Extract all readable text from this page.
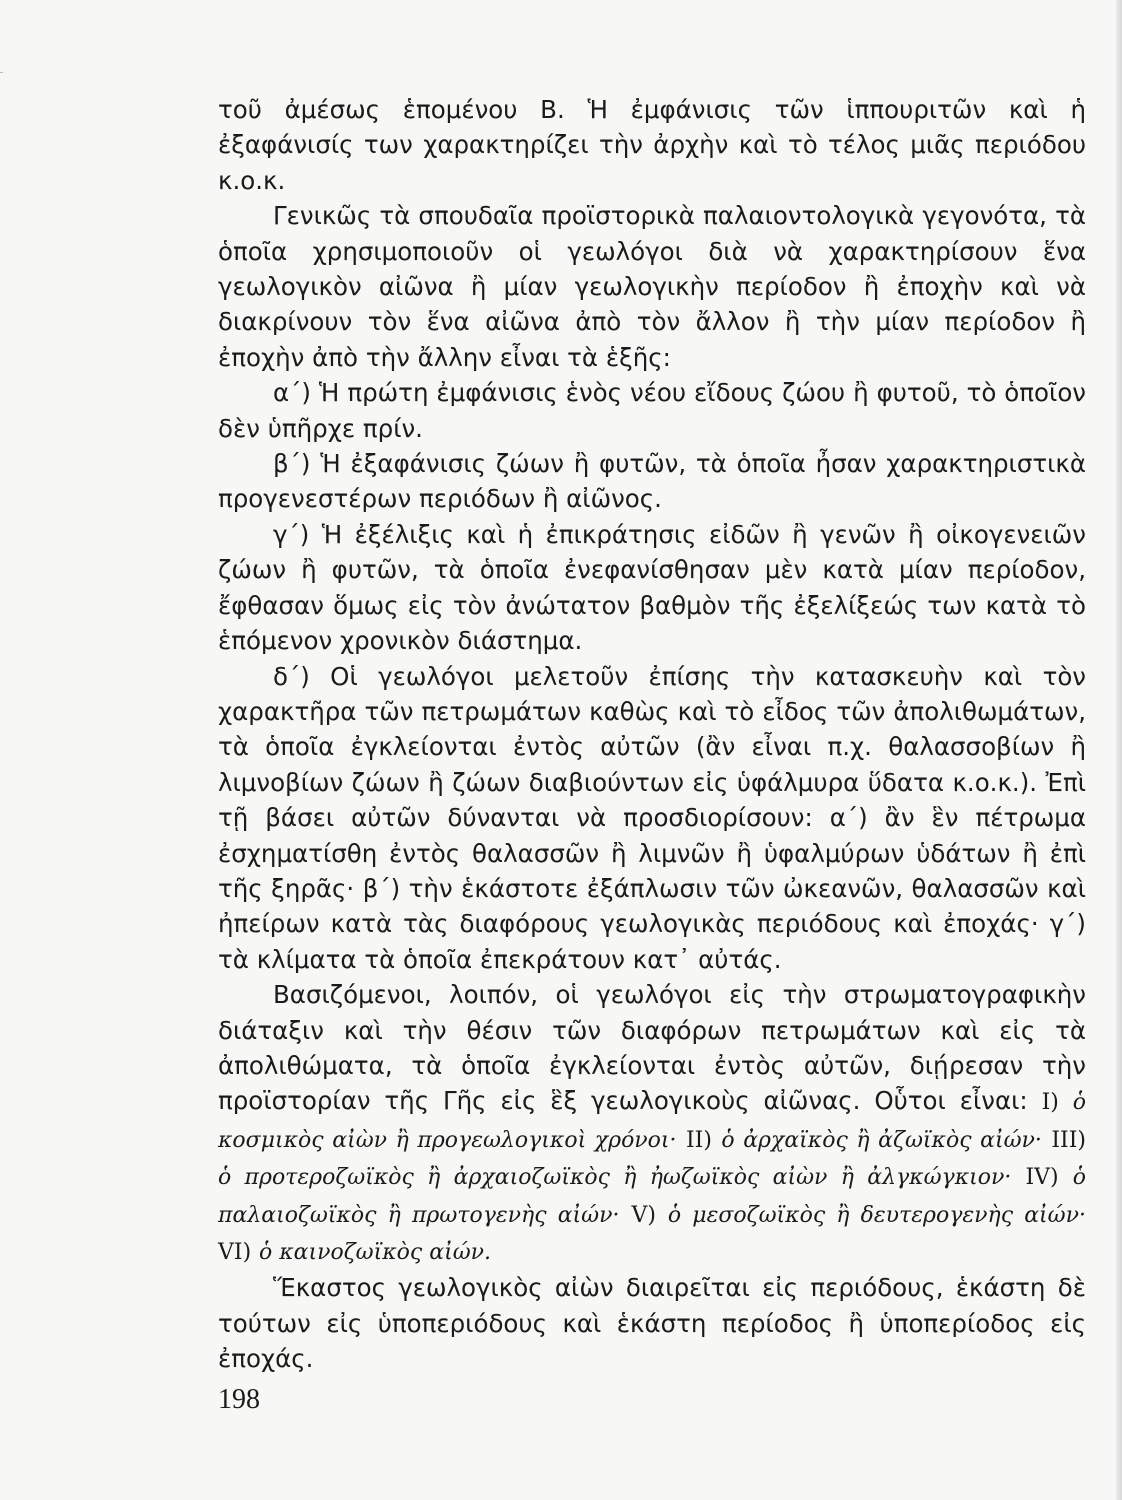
τοῦ ἀμέσως ἑπομένου Β. Ἡ ἐμφάνισις τῶν ἱππουριτῶν καὶ ἡ ἐξαφάνισίς των χαρακτηρίζει τὴν ἀρχὴν καὶ τὸ τέλος μιᾶς περιόδου κ.ο.κ.

Γενικῶς τὰ σπουδαῖα προϊστορικὰ παλαιοντολογικὰ γεγονότα, τὰ ὁποῖα χρησιμοποιοῦν οἱ γεωλόγοι διὰ νὰ χαρακτηρίσουν ἕνα γεωλογικὸν αἰῶνα ἢ μίαν γεωλογικὴν περίοδον ἢ ἐποχὴν καὶ νὰ διακρίνουν τὸν ἕνα αἰῶνα ἀπὸ τὸν ἄλλον ἢ τὴν μίαν περίοδον ἢ ἐποχὴν ἀπὸ τὴν ἄλλην εἶναι τὰ ἑξῆς:

α΄) Ἡ πρώτη ἐμφάνισις ἑνὸς νέου εἴδους ζώου ἢ φυτοῦ, τὸ ὁποῖον δὲν ὑπῆρχε πρίν.

β΄) Ἡ ἐξαφάνισις ζώων ἢ φυτῶν, τὰ ὁποῖα ἦσαν χαρακτηριστικὰ προγενεστέρων περιόδων ἢ αἰῶνος.

γ΄) Ἡ ἐξέλιξις καὶ ἡ ἐπικράτησις εἰδῶν ἢ γενῶν ἢ οἰκογενειῶν ζώων ἢ φυτῶν, τὰ ὁποῖα ἐνεφανίσθησαν μὲν κατὰ μίαν περίοδον, ἔφθασαν ὅμως εἰς τὸν ἀνώτατον βαθμὸν τῆς ἐξελίξεώς των κατὰ τὸ ἑπόμενον χρονικὸν διάστημα.

δ΄) Οἱ γεωλόγοι μελετοῦν ἐπίσης τὴν κατασκευὴν καὶ τὸν χαρακτῆρα τῶν πετρωμάτων καθὼς καὶ τὸ εἶδος τῶν ἀπολιθωμάτων, τὰ ὁποῖα ἐγκλείονται ἐντὸς αὐτῶν (ἂν εἶναι π.χ. θαλασσοβίων ἢ λιμνοβίων ζώων ἢ ζώων διαβιούντων εἰς ὑφάλμυρα ὕδατα κ.ο.κ.). Ἐπὶ τῇ βάσει αὐτῶν δύνανται νὰ προσδιορίσουν: α΄) ἂν ἓν πέτρωμα ἐσχηματίσθη ἐντὸς θαλασσῶν ἢ λιμνῶν ἢ ὑφαλμύρων ὑδάτων ἢ ἐπὶ τῆς ξηρᾶς· β΄) τὴν ἑκάστοτε ἐξάπλωσιν τῶν ὠκεανῶν, θαλασσῶν καὶ ἠπείρων κατὰ τὰς διαφόρους γεωλογικὰς περιόδους καὶ ἐποχάς· γ΄) τὰ κλίματα τὰ ὁποῖα ἐπεκράτουν κατ᾽ αὐτάς.

Βασιζόμενοι, λοιπόν, οἱ γεωλόγοι εἰς τὴν στρωματογραφικὴν διάταξιν καὶ τὴν θέσιν τῶν διαφόρων πετρωμάτων καὶ εἰς τὰ ἀπολιθώματα, τὰ ὁποῖα ἐγκλείονται ἐντὸς αὐτῶν, διῄρεσαν τὴν προϊστορίαν τῆς Γῆς εἰς ἓξ γεωλογικοὺς αἰῶνας. Οὗτοι εἶναι: I) ὁ κοσμικὸς αἰὼν ἢ προγεωλογικοὶ χρόνοι· II) ὁ ἀρχαϊκὸς ἢ ἀζωϊκὸς αἰών· III) ὁ προτεροζωϊκὸς ἢ ἀρχαιοζωϊκὸς ἢ ἠωζωϊκὸς αἰὼν ἢ ἀλγκώγκιον· IV) ὁ παλαιοζωϊκὸς ἢ πρωτογενὴς αἰών· V) ὁ μεσοζωϊκὸς ἢ δευτερογενὴς αἰών· VI) ὁ καινοζωϊκὸς αἰών.

Ἕκαστος γεωλογικὸς αἰὼν διαιρεῖται εἰς περιόδους, ἑκάστη δὲ τούτων εἰς ὑποπεριόδους καὶ ἑκάστη περίοδος ἢ ὑποπερίοδος εἰς ἐποχάς.

198
